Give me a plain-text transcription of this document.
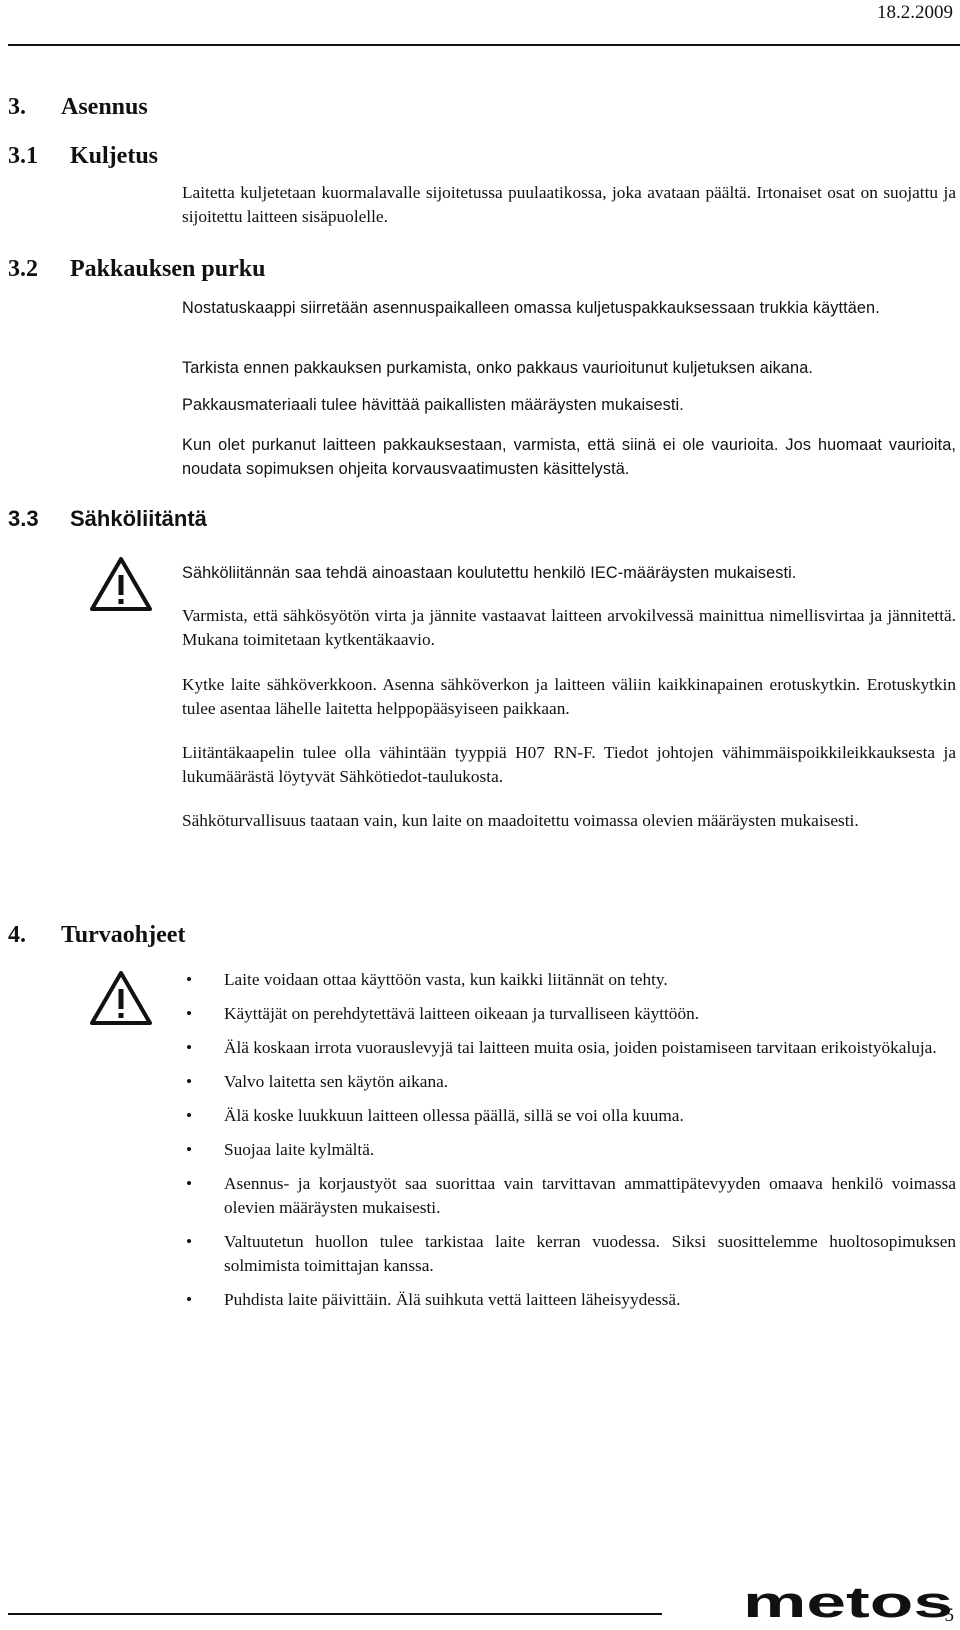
18.2.2009
3. Asennus
3.1 Kuljetus
Laitetta kuljetetaan kuormalavalle sijoitetussa puulaatikossa, joka avataan päältä. Irtonaiset osat on suojattu ja sijoitettu laitteen sisäpuolelle.
3.2 Pakkauksen purku
Nostatuskaappi siirretään asennuspaikalleen omassa kuljetuspakkauksessaan trukkia käyttäen.
Tarkista ennen pakkauksen purkamista, onko pakkaus vaurioitunut kuljetuksen aikana.
Pakkausmateriaali tulee hävittää paikallisten määräysten mukaisesti.
Kun olet purkanut laitteen pakkauksestaan, varmista, että siinä ei ole vaurioita. Jos huomaat vaurioita, noudata sopimuksen ohjeita korvausvaatimusten käsittelystä.
3.3 Sähköliitäntä
Sähköliitännän saa tehdä ainoastaan koulutettu henkilö IEC-määräysten mukaisesti.
Varmista, että sähkösyötön virta ja jännite vastaavat laitteen arvokilvessä mainittua nimellisvirtaa ja jännitettä. Mukana toimitetaan kytkentäkaavio.
Kytke laite sähköverkkoon. Asenna sähköverkon ja laitteen väliin kaikkinapainen erotuskytkin. Erotuskytkin tulee asentaa lähelle laitetta helppopääsyiseen paikkaan.
Liitäntäkaapelin tulee olla vähintään tyyppiä H07 RN-F. Tiedot johtojen vähimmäispoikkileikkauksesta ja lukumäärästä löytyvät Sähkötiedot-taulukosta.
Sähköturvallisuus taataan vain, kun laite on maadoitettu voimassa olevien määräysten mukaisesti.
4. Turvaohjeet
• Laite voidaan ottaa käyttöön vasta, kun kaikki liitännät on tehty.
• Käyttäjät on perehdytettävä laitteen oikeaan ja turvalliseen käyttöön.
• Älä koskaan irrota vuorauslevyjä tai laitteen muita osia, joiden poistamiseen tarvitaan erikoistyökaluja.
• Valvo laitetta sen käytön aikana.
• Älä koske luukkuun laitteen ollessa päällä, sillä se voi olla kuuma.
• Suojaa laite kylmältä.
• Asennus- ja korjaustyöt saa suorittaa vain tarvittavan ammattipätevyyden omaava henkilö voimassa olevien määräysten mukaisesti.
• Valtuutetun huollon tulee tarkistaa laite kerran vuodessa. Siksi suosittelemme huoltosopimuksen solmimista toimittajan kanssa.
• Puhdista laite päivittäin. Älä suihkuta vettä laitteen läheisyydessä.
metos
5
